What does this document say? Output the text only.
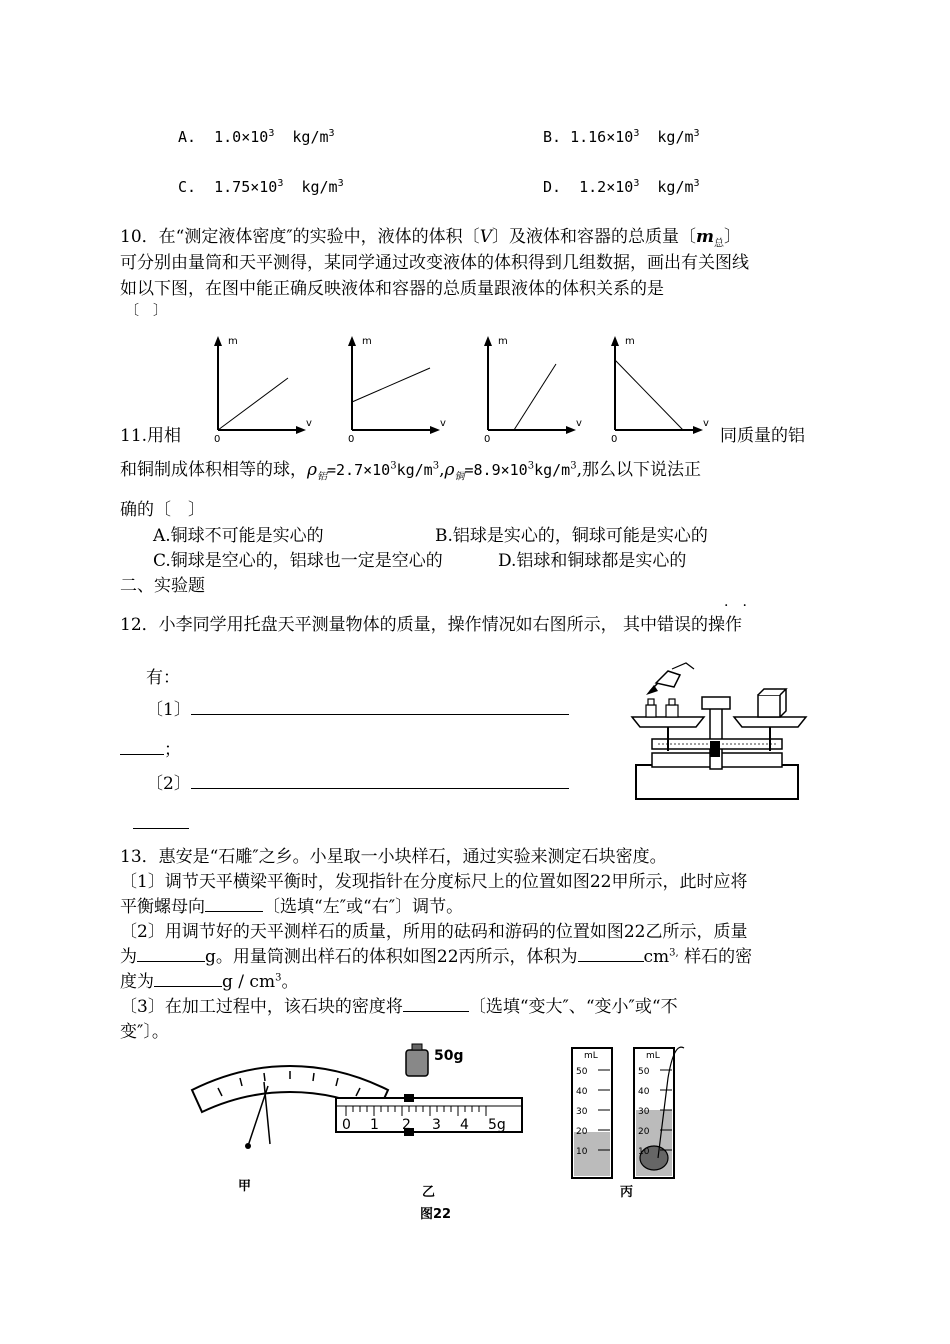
A. $1.0\times 10^3$ $kg/m^3$	B. $1.16\times 10^3$ $kg/m^3$
C. $1.75\times 10^3$ $kg/m^3$	D. $1.2\times 10^3$ $kg/m^3$
10．在“测定液体密度″的实验中，液体的体积〔V〕及液体和容器的总质量〔$m_总$〕
可分别由量筒和天平测得，某同学通过改变液体的体积得到几组数据，画出有关图线
如以下图，在图中能正确反映液体和容器的总质量跟液体的体积关系的是
〔　〕
m
v
0
m
v
0
m
v
0
m
v
0
11.用相	同质量的铝
和铜制成体积相等的球，$\rho_铝=2.7\times 10^3kg/m^3,\rho_铜=8.9\times 10^3kg/m^3$,那么以下说法正
确的〔　〕
A.铜球不可能是实心的	B.铝球是实心的，铜球可能是实心的
C.铜球是空心的，铝球也一定是空心的	D.铝球和铜球都是实心的
二、实验题
··
12．小李同学用托盘天平测量物体的质量，操作情况如右图所示， 其中错误的操作
有：
〔1〕
；
〔2〕
13．惠安是“石雕″之乡。小星取一小块样石，通过实验来测定石块密度。
〔1〕调节天平横梁平衡时，发现指针在分度标尺上的位置如图22甲所示，此时应将
平衡螺母向	〔选填“左″或“右″〕调节。
〔2〕用调节好的天平测样石的质量，所用的砝码和游码的位置如图22乙所示，质量
为	g。用量筒测出样石的体积如图22丙所示，体积为	$cm^{3,}$ 样石的密
度为	g / $cm^3$。
〔3〕在加工过程中，该石块的密度将	〔选填“变大″、“变小″或“不
变″〕。
甲
50g
0 1 2 3 4 5g
乙
图22
mL
50
40
30
20
10
mL
50
40
30
20
10
丙
